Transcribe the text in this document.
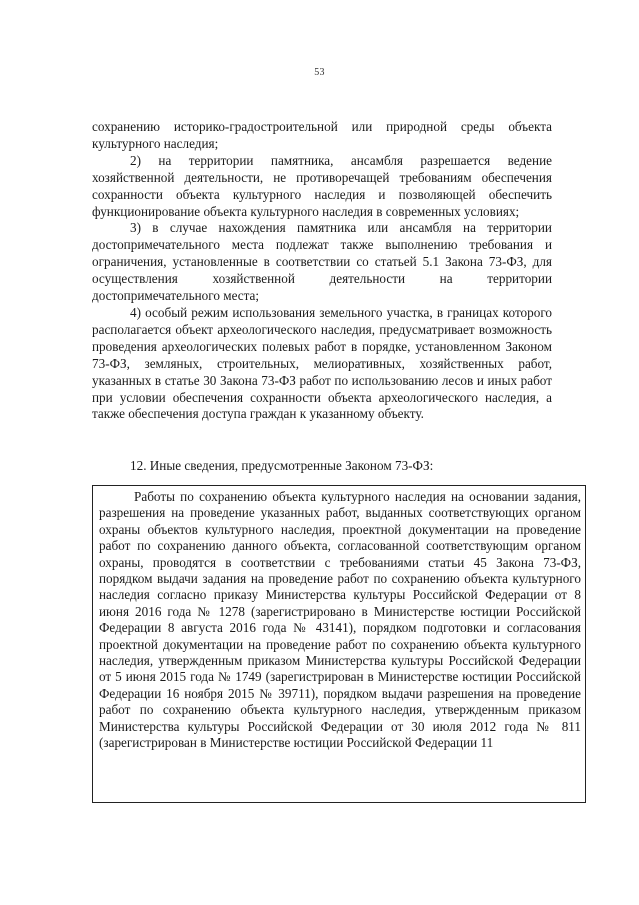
53

сохранению историко-градостроительной или природной среды объекта культурного наследия;

2) на территории памятника, ансамбля разрешается ведение хозяйственной деятельности, не противоречащей требованиям обеспечения сохранности объекта культурного наследия и позволяющей обеспечить функционирование объекта культурного наследия в современных условиях;

3) в случае нахождения памятника или ансамбля на территории достопримечательного места подлежат также выполнению требования и ограничения, установленные в соответствии со статьей 5.1 Закона 73-ФЗ, для осуществления хозяйственной деятельности на территории достопримечательного места;

4) особый режим использования земельного участка, в границах которого располагается объект археологического наследия, предусматривает возможность проведения археологических полевых работ в порядке, установленном Законом 73-ФЗ, земляных, строительных, мелиоративных, хозяйственных работ, указанных в статье 30 Закона 73-ФЗ работ по использованию лесов и иных работ при условии обеспечения сохранности объекта археологического наследия, а также обеспечения доступа граждан к указанному объекту.

12. Иные сведения, предусмотренные Законом 73-ФЗ:

Работы по сохранению объекта культурного наследия на основании задания, разрешения на проведение указанных работ, выданных соответствующих органом охраны объектов культурного наследия, проектной документации на проведение работ по сохранению данного объекта, согласованной соответствующим органом охраны, проводятся в соответствии с требованиями статьи 45 Закона 73-ФЗ, порядком выдачи задания на проведение работ по сохранению объекта культурного наследия согласно приказу Министерства культуры Российской Федерации от 8 июня 2016 года № 1278 (зарегистрировано в Министерстве юстиции Российской Федерации 8 августа 2016 года № 43141), порядком подготовки и согласования проектной документации на проведение работ по сохранению объекта культурного наследия, утвержденным приказом Министерства культуры Российской Федерации от 5 июня 2015 года № 1749 (зарегистрирован в Министерстве юстиции Российской Федерации 16 ноября 2015 № 39711), порядком выдачи разрешения на проведение работ по сохранению объекта культурного наследия, утвержденным приказом Министерства культуры Российской Федерации от 30 июля 2012 года № 811 (зарегистрирован в Министерстве юстиции Российской Федерации 11
